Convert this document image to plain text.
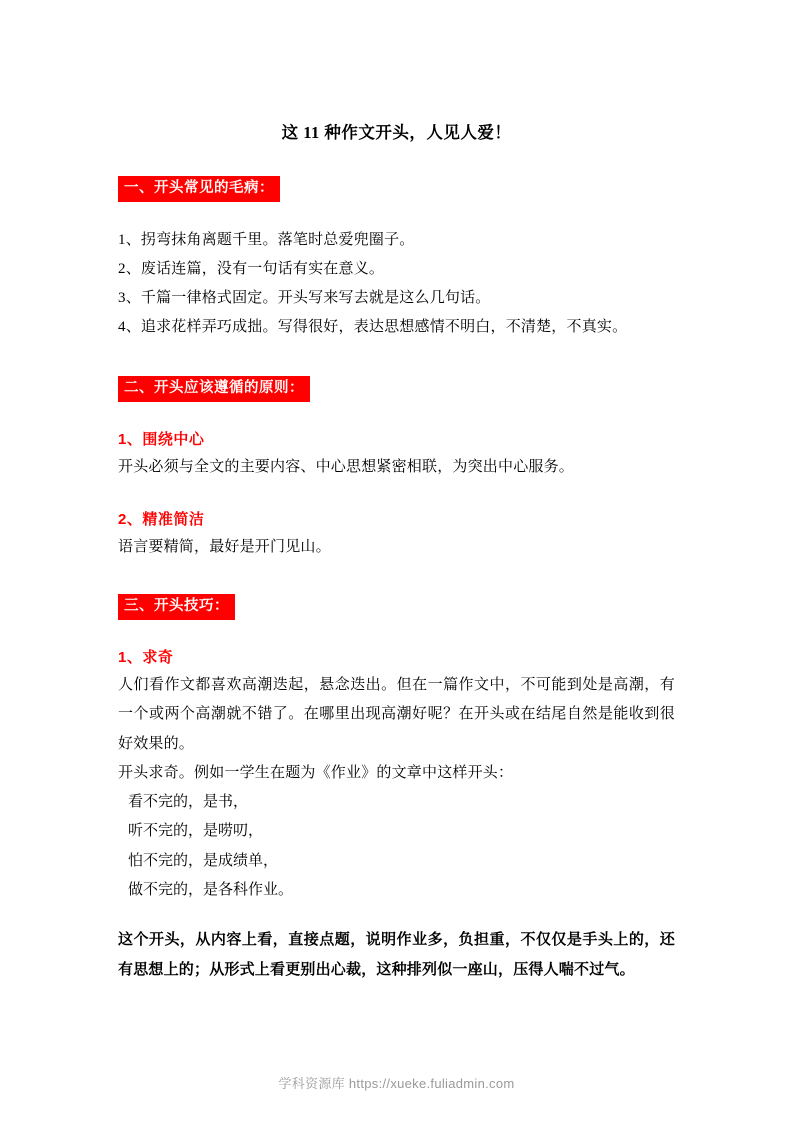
这 11 种作文开头，人见人爱！
一、开头常见的毛病：

1、拐弯抹角离题千里。落笔时总爱兜圈子。

2、废话连篇，没有一句话有实在意义。

3、千篇一律格式固定。开头写来写去就是这么几句话。

4、追求花样弄巧成拙。写得很好，表达思想感情不明白，不清楚，不真实。

二、开头应该遵循的原则：

1、围绕中心

开头必须与全文的主要内容、中心思想紧密相联，为突出中心服务。

2、精准简洁

语言要精简，最好是开门见山。

三、开头技巧：

1、求奇

人们看作文都喜欢高潮迭起，悬念迭出。但在一篇作文中，不可能到处是高潮，有一个或两个高潮就不错了。在哪里出现高潮好呢？在开头或在结尾自然是能收到很好效果的。

开头求奇。例如一学生在题为《作业》的文章中这样开头：

看不完的，是书，

听不完的，是唠叨，

怕不完的，是成绩单，

做不完的，是各科作业。

这个开头，从内容上看，直接点题，说明作业多，负担重，不仅仅是手头上的，还有思想上的；从形式上看更别出心裁，这种排列似一座山，压得人喘不过气。

学科资源库 https://xueke.fuliadmin.com
